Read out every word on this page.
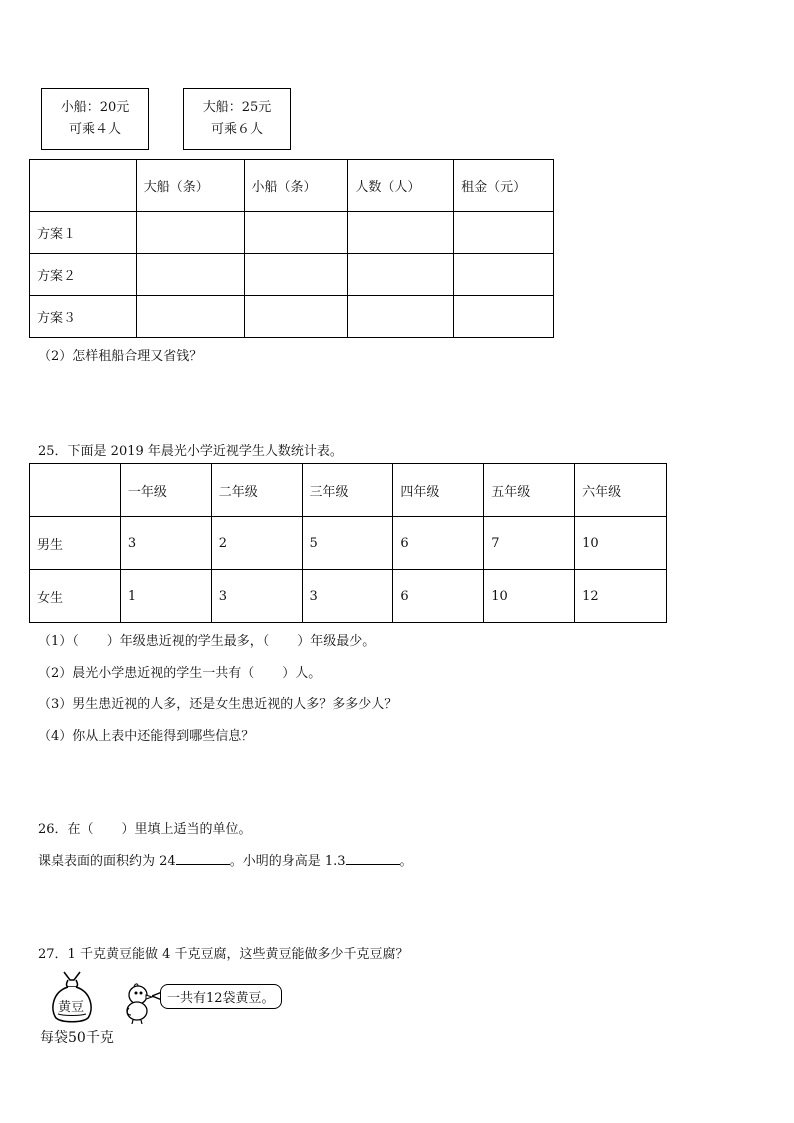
小船：20元
可乘４人
大船：25元
可乘６人
	大船（条）	小船（条）	人数（人）	租金（元）
方案１				
方案２				
方案３				
（2）怎样租船合理又省钱？
25．下面是 2019 年晨光小学近视学生人数统计表。
	一年级	二年级	三年级	四年级	五年级	六年级
男生	3	2	5	6	7	10
女生	1	3	3	6	10	12
（1）（ ）年级患近视的学生最多，（ ）年级最少。
（2）晨光小学患近视的学生一共有（ ）人。
（3）男生患近视的人多，还是女生患近视的人多？多多少人？
（4）你从上表中还能得到哪些信息？
26．在（ ）里填上适当的单位。
课桌表面的面积约为 24	。小明的身高是 1.3	。
27．1 千克黄豆能做 4 千克豆腐，这些黄豆能做多少千克豆腐？
黄豆
一共有12袋黄豆。
每袋50千克
